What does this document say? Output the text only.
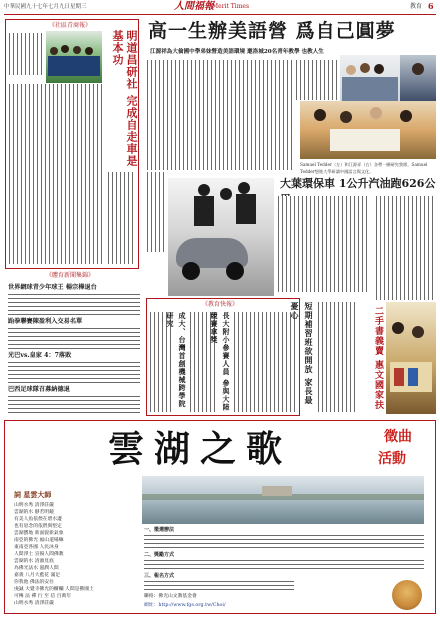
中華民國九十七年七月九日星期三	人間福報
Merit Times	教育 6
《社區青商報》
明道昌研社 完成自走車是基本功	高一生辦美語營 爲自己圓夢
江源祥為大倫國中學弟妹營造美語環境 邀洛城20名青年教學 也教人生
Samuel Tedder（左）和江源祥（右）各帶一團研究營隊，Samuel Tedder想進大學研讀中國語言與文化。
大葉環保車 1公升汽油跑626公
《體育新聞集錦》
世界網球青少年球王 楊宗樺退台
跆拳聯賽陳盈利入交易名單
光巴vs.皇家 4：7落敗
巴西足球隊召募納德退
《教育快報》
成大、台灣首創機械跨學院研究	長大附小參賽人員 參與大陸競賽拿獎	短期補習班欲開放 家長最憂心	二手書義賣 惠文國家扶
雲湖之歌	徵曲
活動
詞 星雲大師
山明水秀 清淨莊嚴
雲湖的水 靜若明鏡
有美人魚依偎在碧水邊
也有思念的依偎與堅定
雲湖寶地 新面貌新氣象
南亞的佛光 福山道場嘛
東南亞各國 人民沐身
人間淨土 宣揚人間佛教
雲湖的水 清澈見底
為佛光法水 滋潤人間
嘉義 八月大藍花 滿足
你我他 佛法的安住
虔誠 大覺寺佛光的櫃欄 人間是佛國土
可傳 法 禪 行 至 信 百萬年
山明水秀 清淨莊嚴
一、徵選辦法
二、獎勵方式
三、報名方式
聯絡：佛光山文教基金會
網址：http://www.fgs.org.tw/Choi/
